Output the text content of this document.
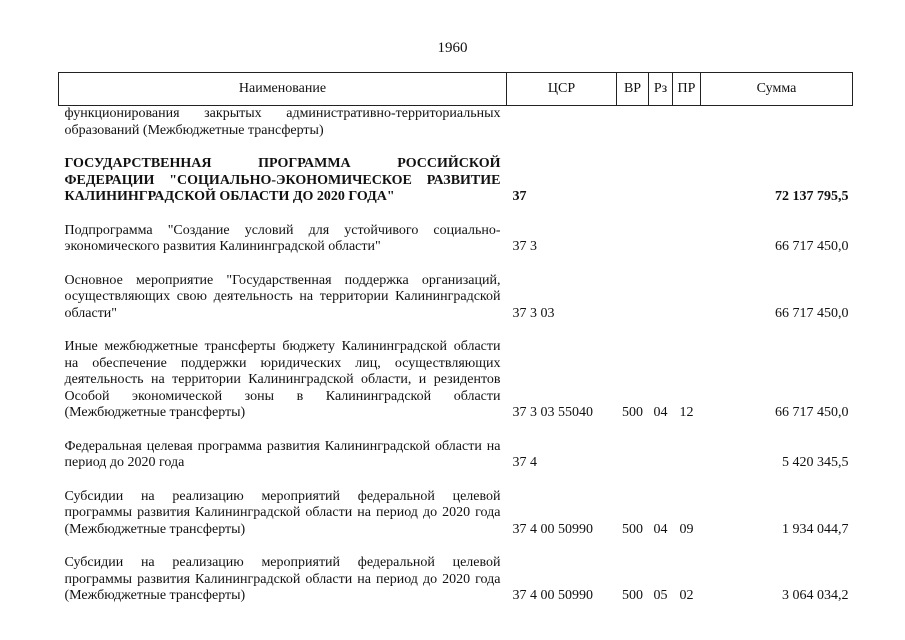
1960
Наименование	ЦСР	ВР	Рз	ПР	Сумма
функционирования закрытых административно-территориальных образований (Межбюджетные трансферты)					
ГОСУДАРСТВЕННАЯ ПРОГРАММА РОССИЙСКОЙ ФЕДЕРАЦИИ "СОЦИАЛЬНО-ЭКОНОМИЧЕСКОЕ РАЗВИТИЕ КАЛИНИНГРАДСКОЙ ОБЛАСТИ ДО 2020 ГОДА"	37				72 137 795,5
Подпрограмма "Создание условий для устойчивого социально-экономического развития Калининградской области"	37 3				66 717 450,0
Основное мероприятие "Государственная поддержка организаций, осуществляющих свою деятельность на территории Калининградской области"	37 3 03				66 717 450,0
Иные межбюджетные трансферты бюджету Калининградской области на обеспечение поддержки юридических лиц, осуществляющих деятельность на территории Калининградской области, и резидентов Особой экономической зоны в Калининградской области (Межбюджетные трансферты)	37 3 03 55040	500	04	12	66 717 450,0
Федеральная целевая программа развития Калининградской области на период до 2020 года	37 4				5 420 345,5
Субсидии на реализацию мероприятий федеральной целевой программы развития Калининградской области на период до 2020 года (Межбюджетные трансферты)	37 4 00 50990	500	04	09	1 934 044,7
Субсидии на реализацию мероприятий федеральной целевой программы развития Калининградской области на период до 2020 года (Межбюджетные трансферты)	37 4 00 50990	500	05	02	3 064 034,2
